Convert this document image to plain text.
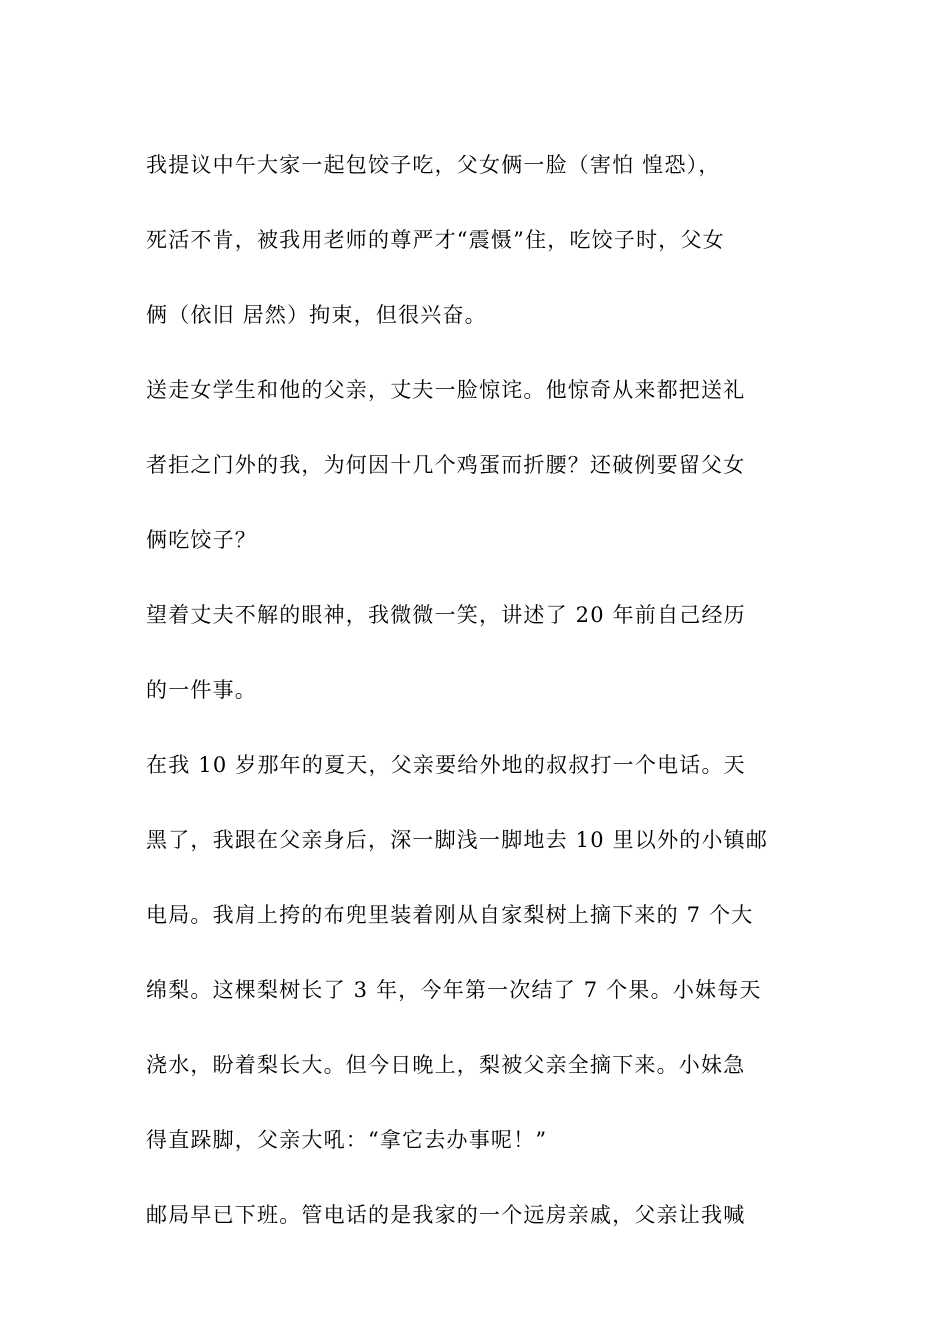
我提议中午大家一起包饺子吃，父女俩一脸（害怕 惶恐），
死活不肯，被我用老师的尊严才“震慑”住，吃饺子时，父女
俩（依旧 居然）拘束，但很兴奋。
送走女学生和他的父亲，丈夫一脸惊诧。他惊奇从来都把送礼
者拒之门外的我，为何因十几个鸡蛋而折腰？还破例要留父女
俩吃饺子？
望着丈夫不解的眼神，我微微一笑，讲述了 20 年前自己经历
的一件事。
在我 10 岁那年的夏天，父亲要给外地的叔叔打一个电话。天
黑了，我跟在父亲身后，深一脚浅一脚地去 10 里以外的小镇邮
电局。我肩上挎的布兜里装着刚从自家梨树上摘下来的 7 个大
绵梨。这棵梨树长了 3 年，今年第一次结了 7 个果。小妹每天
浇水，盼着梨长大。但今日晚上，梨被父亲全摘下来。小妹急
得直跺脚，父亲大吼：“拿它去办事呢！”
邮局早已下班。管电话的是我家的一个远房亲戚，父亲让我喊
